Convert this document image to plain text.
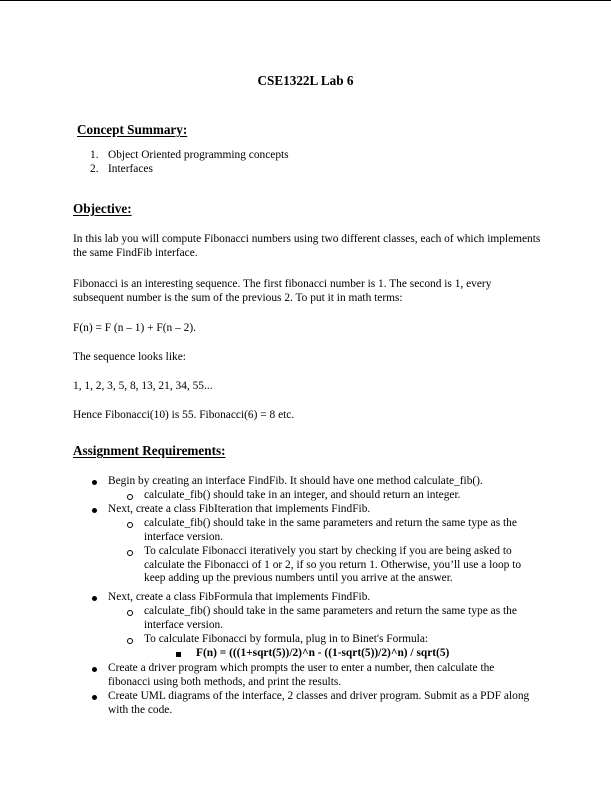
CSE1322L Lab 6
Concept Summary:
1. Object Oriented programming concepts
2. Interfaces
Objective:
In this lab you will compute Fibonacci numbers using two different classes, each of which implements the same FindFib interface.
Fibonacci is an interesting sequence. The first fibonacci number is 1. The second is 1, every subsequent number is the sum of the previous 2. To put it in math terms:
F(n) = F (n – 1) + F(n – 2).
The sequence looks like:
1, 1, 2, 3, 5, 8, 13, 21, 34, 55...
Hence Fibonacci(10) is 55. Fibonacci(6) = 8 etc.
Assignment Requirements:
Begin by creating an interface FindFib. It should have one method calculate_fib().
calculate_fib() should take in an integer, and should return an integer.
Next, create a class FibIteration that implements FindFib.
calculate_fib() should take in the same parameters and return the same type as the interface version.
To calculate Fibonacci iteratively you start by checking if you are being asked to calculate the Fibonacci of 1 or 2, if so you return 1. Otherwise, you’ll use a loop to keep adding up the previous numbers until you arrive at the answer.
Next, create a class FibFormula that implements FindFib.
calculate_fib() should take in the same parameters and return the same type as the interface version.
To calculate Fibonacci by formula, plug in to Binet's Formula:
F(n) = (((1+sqrt(5))/2)^n - ((1-sqrt(5))/2)^n) / sqrt(5)
Create a driver program which prompts the user to enter a number, then calculate the fibonacci using both methods, and print the results.
Create UML diagrams of the interface, 2 classes and driver program. Submit as a PDF along with the code.
